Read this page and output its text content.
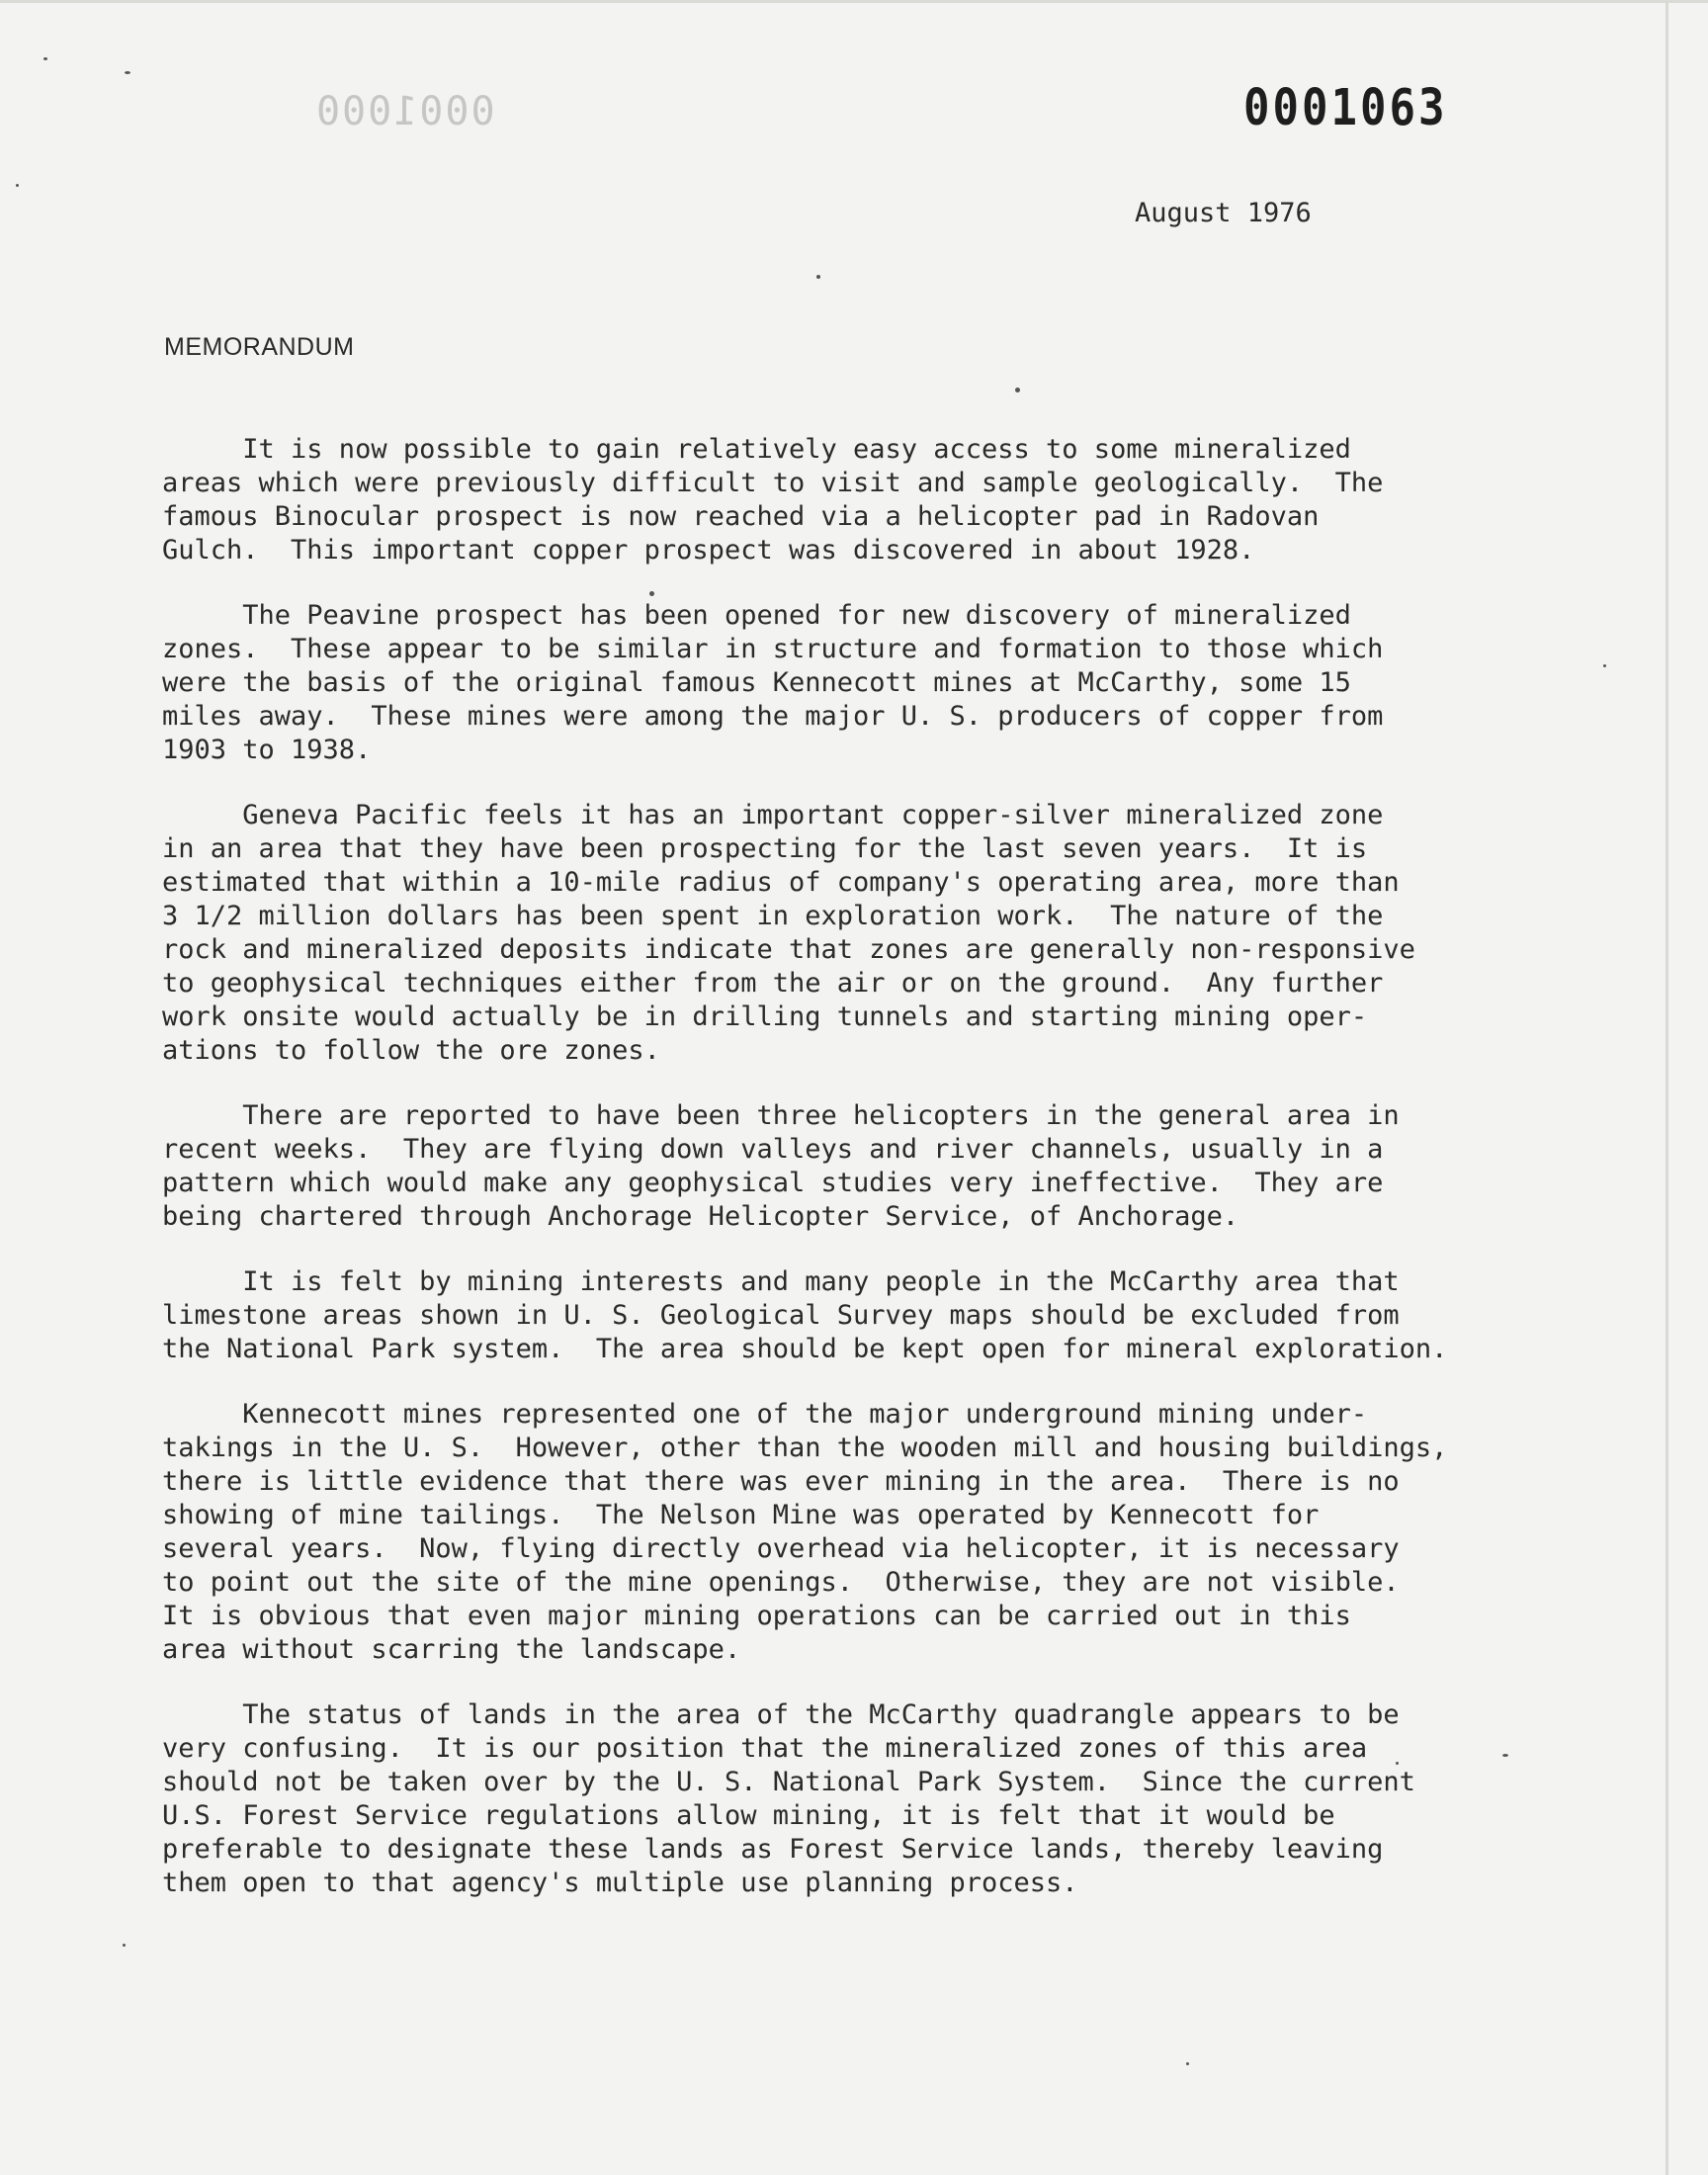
0001000	0001063
August 1976
MEMORANDUM

It is now possible to gain relatively easy access to some mineralized
areas which were previously difficult to visit and sample geologically.  The
famous Binocular prospect is now reached via a helicopter pad in Radovan
Gulch.  This important copper prospect was discovered in about 1928.

The Peavine prospect has been opened for new discovery of mineralized
zones.  These appear to be similar in structure and formation to those which
were the basis of the original famous Kennecott mines at McCarthy, some 15
miles away.  These mines were among the major U. S. producers of copper from
1903 to 1938.

Geneva Pacific feels it has an important copper-silver mineralized zone
in an area that they have been prospecting for the last seven years.  It is
estimated that within a 10-mile radius of company's operating area, more than
3 1/2 million dollars has been spent in exploration work.  The nature of the
rock and mineralized deposits indicate that zones are generally non-responsive
to geophysical techniques either from the air or on the ground.  Any further
work onsite would actually be in drilling tunnels and starting mining oper-
ations to follow the ore zones.

There are reported to have been three helicopters in the general area in
recent weeks.  They are flying down valleys and river channels, usually in a
pattern which would make any geophysical studies very ineffective.  They are
being chartered through Anchorage Helicopter Service, of Anchorage.

It is felt by mining interests and many people in the McCarthy area that
limestone areas shown in U. S. Geological Survey maps should be excluded from
the National Park system.  The area should be kept open for mineral exploration.

Kennecott mines represented one of the major underground mining under-
takings in the U. S.  However, other than the wooden mill and housing buildings,
there is little evidence that there was ever mining in the area.  There is no
showing of mine tailings.  The Nelson Mine was operated by Kennecott for
several years.  Now, flying directly overhead via helicopter, it is necessary
to point out the site of the mine openings.  Otherwise, they are not visible.
It is obvious that even major mining operations can be carried out in this
area without scarring the landscape.

The status of lands in the area of the McCarthy quadrangle appears to be
very confusing.  It is our position that the mineralized zones of this area
should not be taken over by the U. S. National Park System.  Since the current
U.S. Forest Service regulations allow mining, it is felt that it would be
preferable to designate these lands as Forest Service lands, thereby leaving
them open to that agency's multiple use planning process.
